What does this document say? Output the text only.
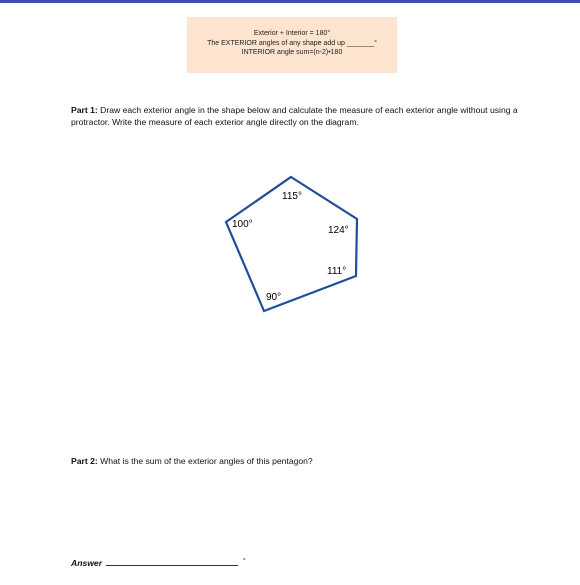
Exterior + Interior = 180°
The EXTERIOR angles of any shape add up _______°
INTERIOR angle sum=(n-2)•180
Part 1: Draw each exterior angle in the shape below and calculate the measure of each exterior angle without using a protractor. Write the measure of each exterior angle directly on the diagram.
115°
100°
124°
111°
90°
Part 2: What is the sum of the exterior angles of this pentagon?
Answer	°
